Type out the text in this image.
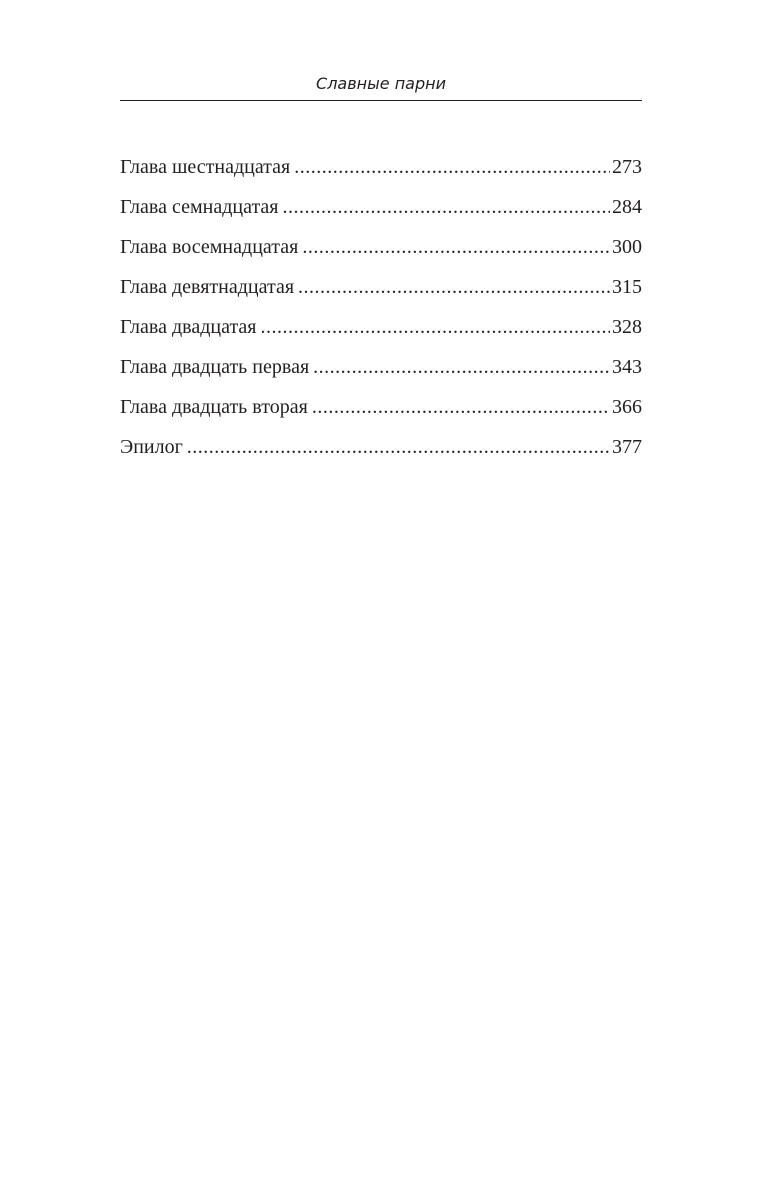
Славные парни
Глава шестнадцатая .....	273
Глава семнадцатая .....	284
Глава восемнадцатая .....	300
Глава девятнадцатая .....	315
Глава двадцатая .....	328
Глава двадцать первая .....	343
Глава двадцать вторая .....	366
Эпилог .....	377
